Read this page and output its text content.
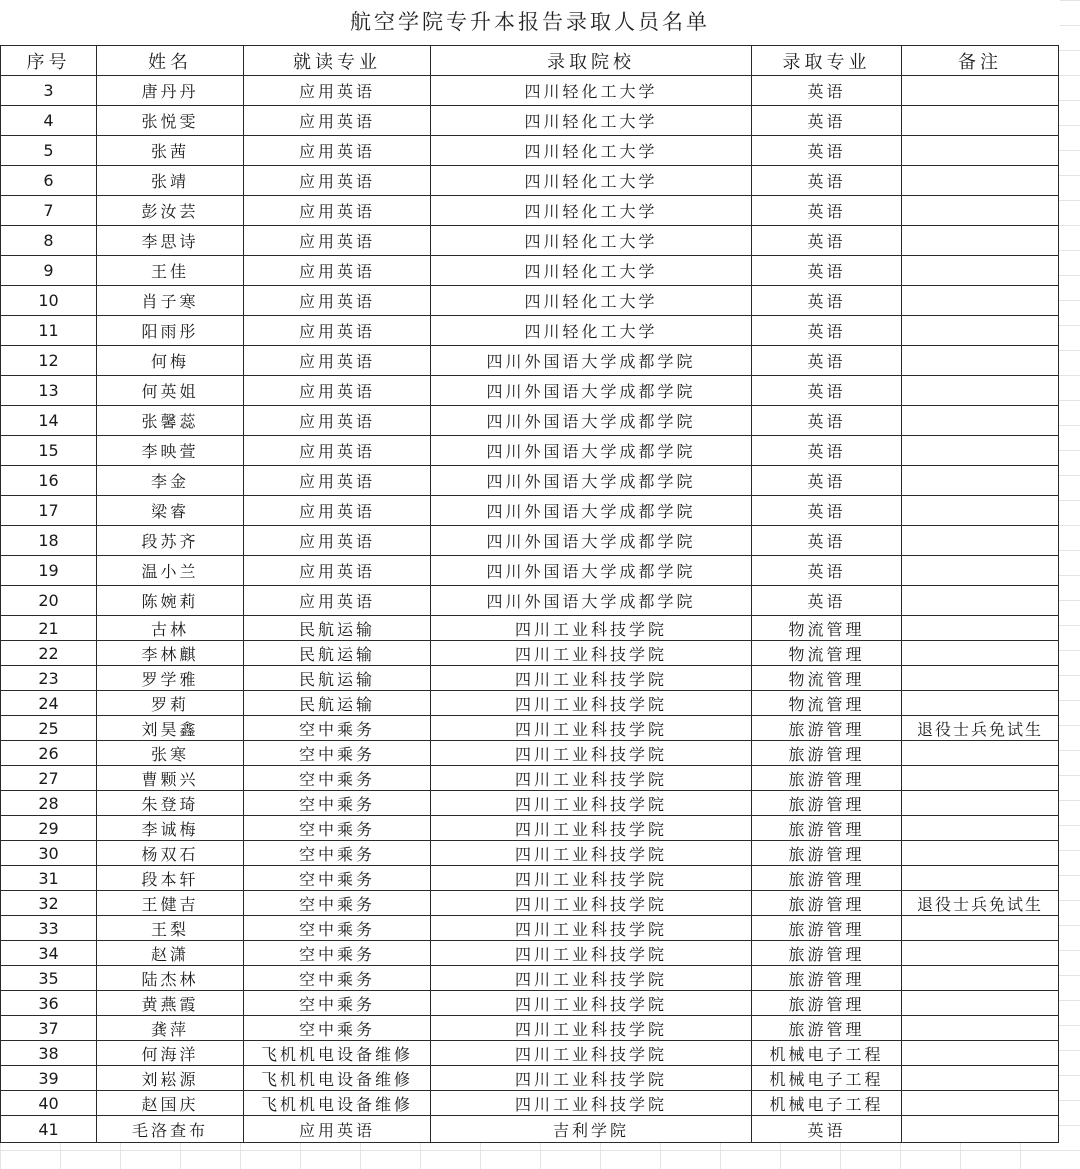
航空学院专升本报告录取人员名单
序号	姓名	就读专业	录取院校	录取专业	备注
3	唐丹丹	应用英语	四川轻化工大学	英语	
4	张悦雯	应用英语	四川轻化工大学	英语	
5	张茜	应用英语	四川轻化工大学	英语	
6	张靖	应用英语	四川轻化工大学	英语	
7	彭汝芸	应用英语	四川轻化工大学	英语	
8	李思诗	应用英语	四川轻化工大学	英语	
9	王佳	应用英语	四川轻化工大学	英语	
10	肖子寒	应用英语	四川轻化工大学	英语	
11	阳雨彤	应用英语	四川轻化工大学	英语	
12	何梅	应用英语	四川外国语大学成都学院	英语	
13	何英姐	应用英语	四川外国语大学成都学院	英语	
14	张馨蕊	应用英语	四川外国语大学成都学院	英语	
15	李映萱	应用英语	四川外国语大学成都学院	英语	
16	李金	应用英语	四川外国语大学成都学院	英语	
17	梁睿	应用英语	四川外国语大学成都学院	英语	
18	段苏齐	应用英语	四川外国语大学成都学院	英语	
19	温小兰	应用英语	四川外国语大学成都学院	英语	
20	陈婉莉	应用英语	四川外国语大学成都学院	英语	
21	古林	民航运输	四川工业科技学院	物流管理	
22	李林麒	民航运输	四川工业科技学院	物流管理	
23	罗学雅	民航运输	四川工业科技学院	物流管理	
24	罗莉	民航运输	四川工业科技学院	物流管理	
25	刘昊鑫	空中乘务	四川工业科技学院	旅游管理	退役士兵免试生
26	张寒	空中乘务	四川工业科技学院	旅游管理	
27	曹颗兴	空中乘务	四川工业科技学院	旅游管理	
28	朱登琦	空中乘务	四川工业科技学院	旅游管理	
29	李诚梅	空中乘务	四川工业科技学院	旅游管理	
30	杨双石	空中乘务	四川工业科技学院	旅游管理	
31	段本轩	空中乘务	四川工业科技学院	旅游管理	
32	王健吉	空中乘务	四川工业科技学院	旅游管理	退役士兵免试生
33	王梨	空中乘务	四川工业科技学院	旅游管理	
34	赵潇	空中乘务	四川工业科技学院	旅游管理	
35	陆杰林	空中乘务	四川工业科技学院	旅游管理	
36	黄燕霞	空中乘务	四川工业科技学院	旅游管理	
37	龚萍	空中乘务	四川工业科技学院	旅游管理	
38	何海洋	飞机机电设备维修	四川工业科技学院	机械电子工程	
39	刘崧源	飞机机电设备维修	四川工业科技学院	机械电子工程	
40	赵国庆	飞机机电设备维修	四川工业科技学院	机械电子工程	
41	毛洛查布	应用英语	吉利学院	英语	
